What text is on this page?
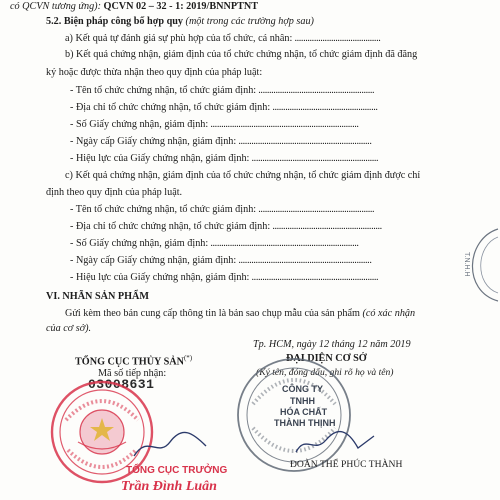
có QCVN tương ứng): QCVN 02 – 32 - 1: 2019/BNNPTNT
5.2. Biện pháp công bố hợp quy (một trong các trường hợp sau)
a) Kết quả tự đánh giá sự phù hợp của tổ chức, cá nhân: ........................................
b) Kết quả chứng nhận, giám định của tổ chức chứng nhận, tổ chức giám định đã đăng
ký hoặc được thừa nhận theo quy định của pháp luật:
- Tên tổ chức chứng nhận, tổ chức giám định: ......................................................
- Địa chỉ tổ chức chứng nhận, tổ chức giám định: .................................................
- Số Giấy chứng nhận, giám định: .....................................................................
- Ngày cấp Giấy chứng nhận, giám định: ..............................................................
- Hiệu lực của Giấy chứng nhận, giám định: ...........................................................
c) Kết quả chứng nhận, giám định của tổ chức chứng nhận, tổ chức giám định được chỉ
định theo quy định của pháp luật.
- Tên tổ chức chứng nhận, tổ chức giám định: ......................................................
- Địa chỉ tổ chức chứng nhận, tổ chức giám định: ...................................................
- Số Giấy chứng nhận, giám định: .....................................................................
- Ngày cấp Giấy chứng nhận, giám định: ..............................................................
- Hiệu lực của Giấy chứng nhận, giám định: ...........................................................
T.N.H.H
VI. NHÃN SẢN PHẨM
Gửi kèm theo bản cung cấp thông tin là bản sao chụp mẫu của sản phẩm (có xác nhận
của cơ sở).
Tp. HCM, ngày 12 tháng 12 năm 2019
TỔNG CỤC THỦY SẢN(*)
Mã số tiếp nhận:
03008631
TỔNG CỤC TRƯỞNG
Trần Đình Luân
ĐẠI DIỆN CƠ SỞ
(Ký tên, đóng dấu, ghi rõ họ và tên)
CÔNG TY
TNHH
HÓA CHẤT
THÀNH THỊNH
ĐOÀN THỂ PHÚC THÀNH
